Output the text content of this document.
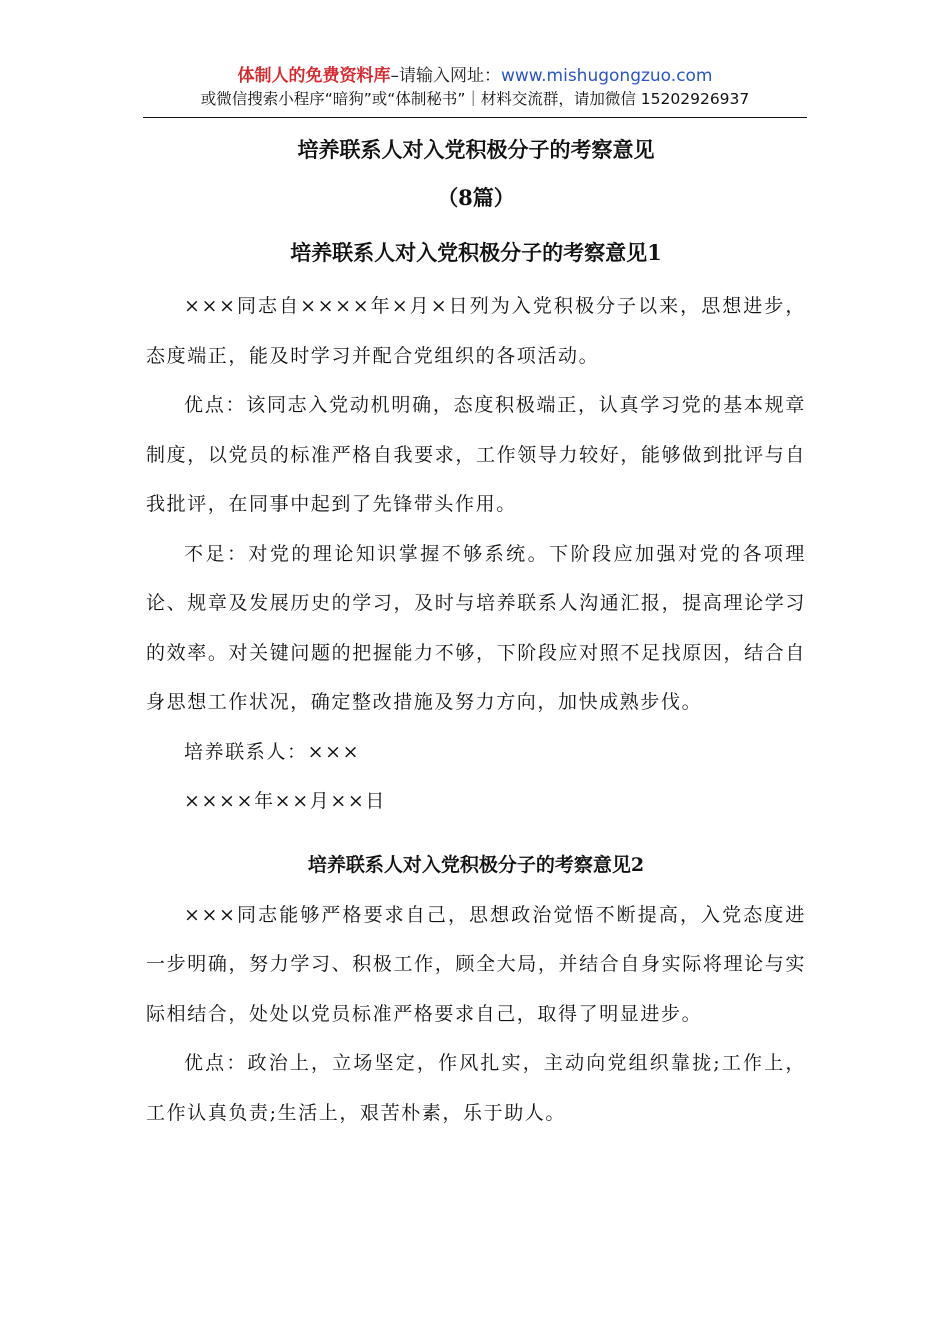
体制人的免费资料库–请输入网址：www.mishugongzuo.com
或微信搜索小程序“暗狗”或“体制秘书”｜材料交流群，请加微信 15202926937
培养联系人对入党积极分子的考察意见
（8篇）
培养联系人对入党积极分子的考察意见1

×××同志自××××年×月×日列为入党积极分子以来，思想进步，态度端正，能及时学习并配合党组织的各项活动。

优点：该同志入党动机明确，态度积极端正，认真学习党的基本规章制度，以党员的标准严格自我要求，工作领导力较好，能够做到批评与自我批评，在同事中起到了先锋带头作用。

不足：对党的理论知识掌握不够系统。下阶段应加强对党的各项理论、规章及发展历史的学习，及时与培养联系人沟通汇报，提高理论学习的效率。对关键问题的把握能力不够，下阶段应对照不足找原因，结合自身思想工作状况，确定整改措施及努力方向，加快成熟步伐。

培养联系人：×××

××××年××月××日

培养联系人对入党积极分子的考察意见2

×××同志能够严格要求自己，思想政治觉悟不断提高，入党态度进一步明确，努力学习、积极工作，顾全大局，并结合自身实际将理论与实际相结合，处处以党员标准严格要求自己，取得了明显进步。

优点：政治上，立场坚定，作风扎实，主动向党组织靠拢;工作上，工作认真负责;生活上，艰苦朴素，乐于助人。
